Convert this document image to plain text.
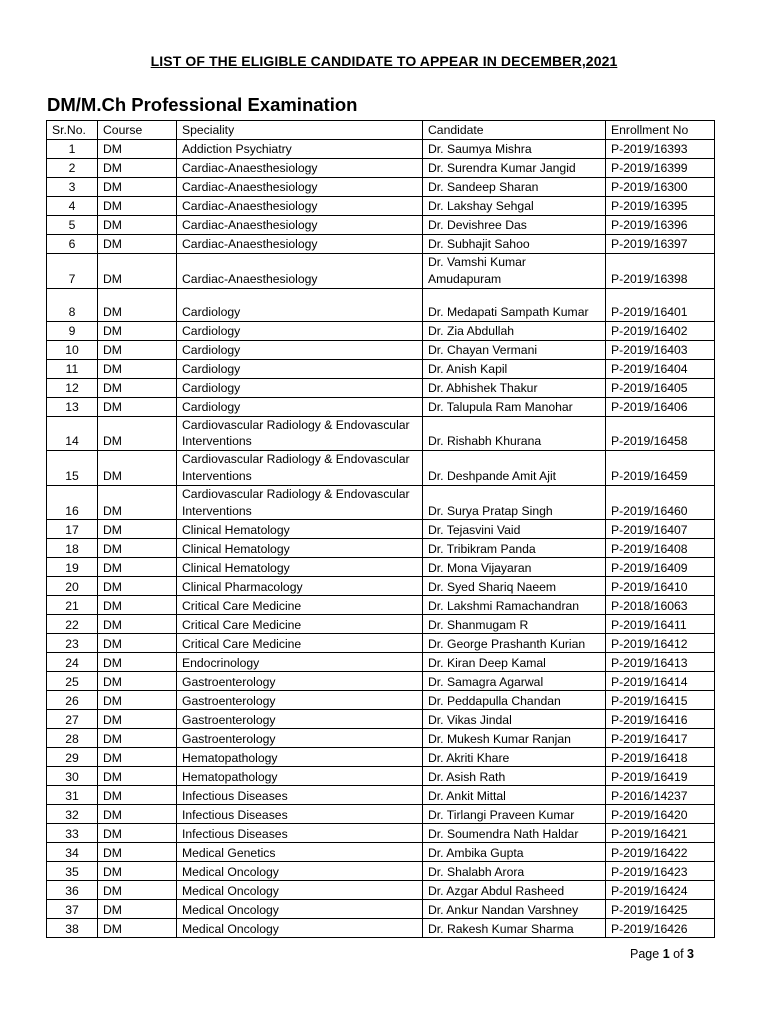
LIST OF THE ELIGIBLE CANDIDATE TO APPEAR IN DECEMBER,2021
DM/M.Ch Professional Examination
Sr.No.	Course	Speciality	Candidate	Enrollment No
1	DM	Addiction Psychiatry	Dr. Saumya Mishra	P-2019/16393
2	DM	Cardiac-Anaesthesiology	Dr. Surendra Kumar Jangid	P-2019/16399
3	DM	Cardiac-Anaesthesiology	Dr. Sandeep Sharan	P-2019/16300
4	DM	Cardiac-Anaesthesiology	Dr. Lakshay Sehgal	P-2019/16395
5	DM	Cardiac-Anaesthesiology	Dr. Devishree Das	P-2019/16396
6	DM	Cardiac-Anaesthesiology	Dr. Subhajit Sahoo	P-2019/16397
7	DM	Cardiac-Anaesthesiology	Dr. Vamshi Kumar Amudapuram	P-2019/16398
8	DM	Cardiology	Dr. Medapati Sampath Kumar	P-2019/16401
9	DM	Cardiology	Dr. Zia Abdullah	P-2019/16402
10	DM	Cardiology	Dr. Chayan Vermani	P-2019/16403
11	DM	Cardiology	Dr. Anish Kapil	P-2019/16404
12	DM	Cardiology	Dr. Abhishek Thakur	P-2019/16405
13	DM	Cardiology	Dr. Talupula Ram Manohar	P-2019/16406
14	DM	Cardiovascular Radiology & Endovascular Interventions	Dr. Rishabh Khurana	P-2019/16458
15	DM	Cardiovascular Radiology & Endovascular Interventions	Dr. Deshpande Amit Ajit	P-2019/16459
16	DM	Cardiovascular Radiology & Endovascular Interventions	Dr. Surya Pratap Singh	P-2019/16460
17	DM	Clinical Hematology	Dr. Tejasvini Vaid	P-2019/16407
18	DM	Clinical Hematology	Dr. Tribikram Panda	P-2019/16408
19	DM	Clinical Hematology	Dr. Mona Vijayaran	P-2019/16409
20	DM	Clinical Pharmacology	Dr. Syed Shariq Naeem	P-2019/16410
21	DM	Critical Care Medicine	Dr. Lakshmi Ramachandran	P-2018/16063
22	DM	Critical Care Medicine	Dr. Shanmugam R	P-2019/16411
23	DM	Critical Care Medicine	Dr. George Prashanth Kurian	P-2019/16412
24	DM	Endocrinology	Dr. Kiran Deep Kamal	P-2019/16413
25	DM	Gastroenterology	Dr. Samagra Agarwal	P-2019/16414
26	DM	Gastroenterology	Dr. Peddapulla Chandan	P-2019/16415
27	DM	Gastroenterology	Dr. Vikas Jindal	P-2019/16416
28	DM	Gastroenterology	Dr. Mukesh Kumar Ranjan	P-2019/16417
29	DM	Hematopathology	Dr. Akriti Khare	P-2019/16418
30	DM	Hematopathology	Dr. Asish Rath	P-2019/16419
31	DM	Infectious Diseases	Dr. Ankit Mittal	P-2016/14237
32	DM	Infectious Diseases	Dr. Tirlangi Praveen Kumar	P-2019/16420
33	DM	Infectious Diseases	Dr. Soumendra Nath Haldar	P-2019/16421
34	DM	Medical Genetics	Dr. Ambika Gupta	P-2019/16422
35	DM	Medical Oncology	Dr. Shalabh Arora	P-2019/16423
36	DM	Medical Oncology	Dr. Azgar Abdul Rasheed	P-2019/16424
37	DM	Medical Oncology	Dr. Ankur Nandan Varshney	P-2019/16425
38	DM	Medical Oncology	Dr. Rakesh Kumar Sharma	P-2019/16426
Page 1 of 3
